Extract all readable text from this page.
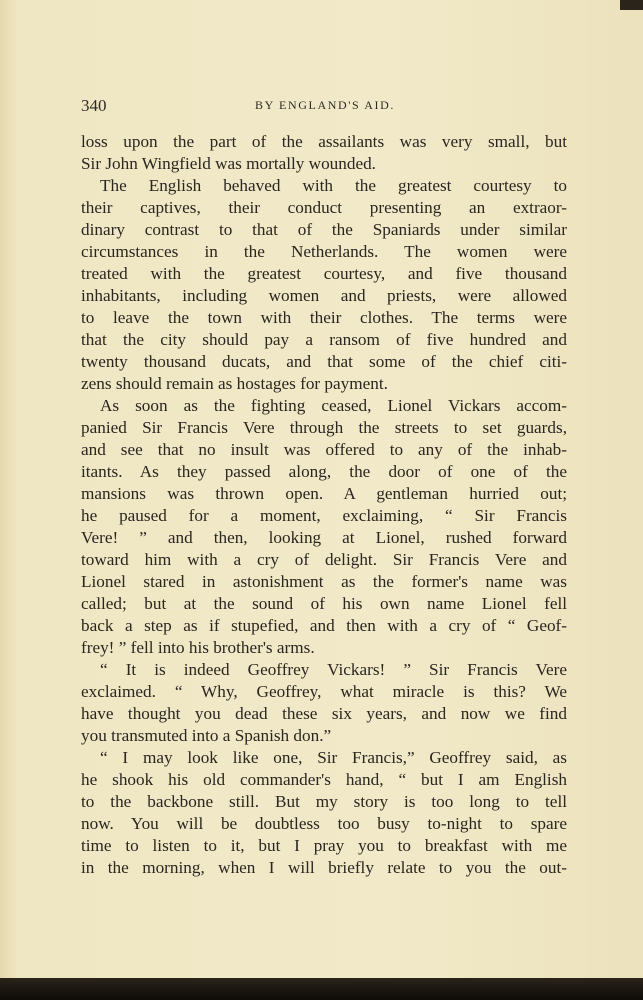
340	BY ENGLAND'S AID.
loss upon the part of the assailants was very small, but
Sir John Wingfield was mortally wounded.
The English behaved with the greatest courtesy to
their captives, their conduct presenting an extraor-
dinary contrast to that of the Spaniards under similar
circumstances in the Netherlands. The women were
treated with the greatest courtesy, and five thousand
inhabitants, including women and priests, were allowed
to leave the town with their clothes. The terms were
that the city should pay a ransom of five hundred and
twenty thousand ducats, and that some of the chief citi-
zens should remain as hostages for payment.
As soon as the fighting ceased, Lionel Vickars accom-
panied Sir Francis Vere through the streets to set guards,
and see that no insult was offered to any of the inhab-
itants. As they passed along, the door of one of the
mansions was thrown open. A gentleman hurried out;
he paused for a moment, exclaiming, “ Sir Francis
Vere! ” and then, looking at Lionel, rushed forward
toward him with a cry of delight. Sir Francis Vere and
Lionel stared in astonishment as the former's name was
called; but at the sound of his own name Lionel fell
back a step as if stupefied, and then with a cry of “ Geof-
frey! ” fell into his brother's arms.
“ It is indeed Geoffrey Vickars! ” Sir Francis Vere
exclaimed. “ Why, Geoffrey, what miracle is this? We
have thought you dead these six years, and now we find
you transmuted into a Spanish don.”
“ I may look like one, Sir Francis,” Geoffrey said, as
he shook his old commander's hand, “ but I am English
to the backbone still. But my story is too long to tell
now. You will be doubtless too busy to-night to spare
time to listen to it, but I pray you to breakfast with me
in the morning, when I will briefly relate to you the out-
